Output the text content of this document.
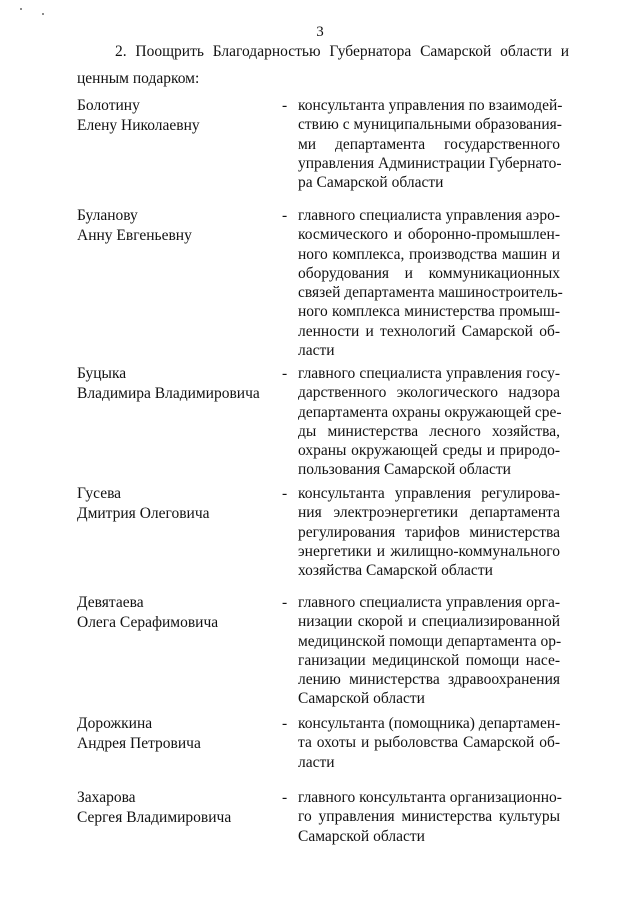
3
2. Поощрить Благодарностью Губернатора Самарской области и
ценным подарком:
Болотину
Елену Николаевну
- консультанта управления по взаимодей-
ствию с муниципальными образования-
ми департамента государственного
управления Администрации Губернато-
ра Самарской области
Буланову
Анну Евгеньевну
- главного специалиста управления аэро-
космического и оборонно-промышлен-
ного комплекса, производства машин и
оборудования и коммуникационных
связей департамента машиностроитель-
ного комплекса министерства промыш-
ленности и технологий Самарской об-
ласти
Буцыка
Владимира Владимировича
- главного специалиста управления госу-
дарственного экологического надзора
департамента охраны окружающей сре-
ды министерства лесного хозяйства,
охраны окружающей среды и природо-
пользования Самарской области
Гусева
Дмитрия Олеговича
- консультанта управления регулирова-
ния электроэнергетики департамента
регулирования тарифов министерства
энергетики и жилищно-коммунального
хозяйства Самарской области
Девятаева
Олега Серафимовича
- главного специалиста управления орга-
низации скорой и специализированной
медицинской помощи департамента ор-
ганизации медицинской помощи насе-
лению министерства здравоохранения
Самарской области
Дорожкина
Андрея Петровича
- консультанта (помощника) департамен-
та охоты и рыболовства Самарской об-
ласти
Захарова
Сергея Владимировича
- главного консультанта организационно-
го управления министерства культуры
Самарской области
